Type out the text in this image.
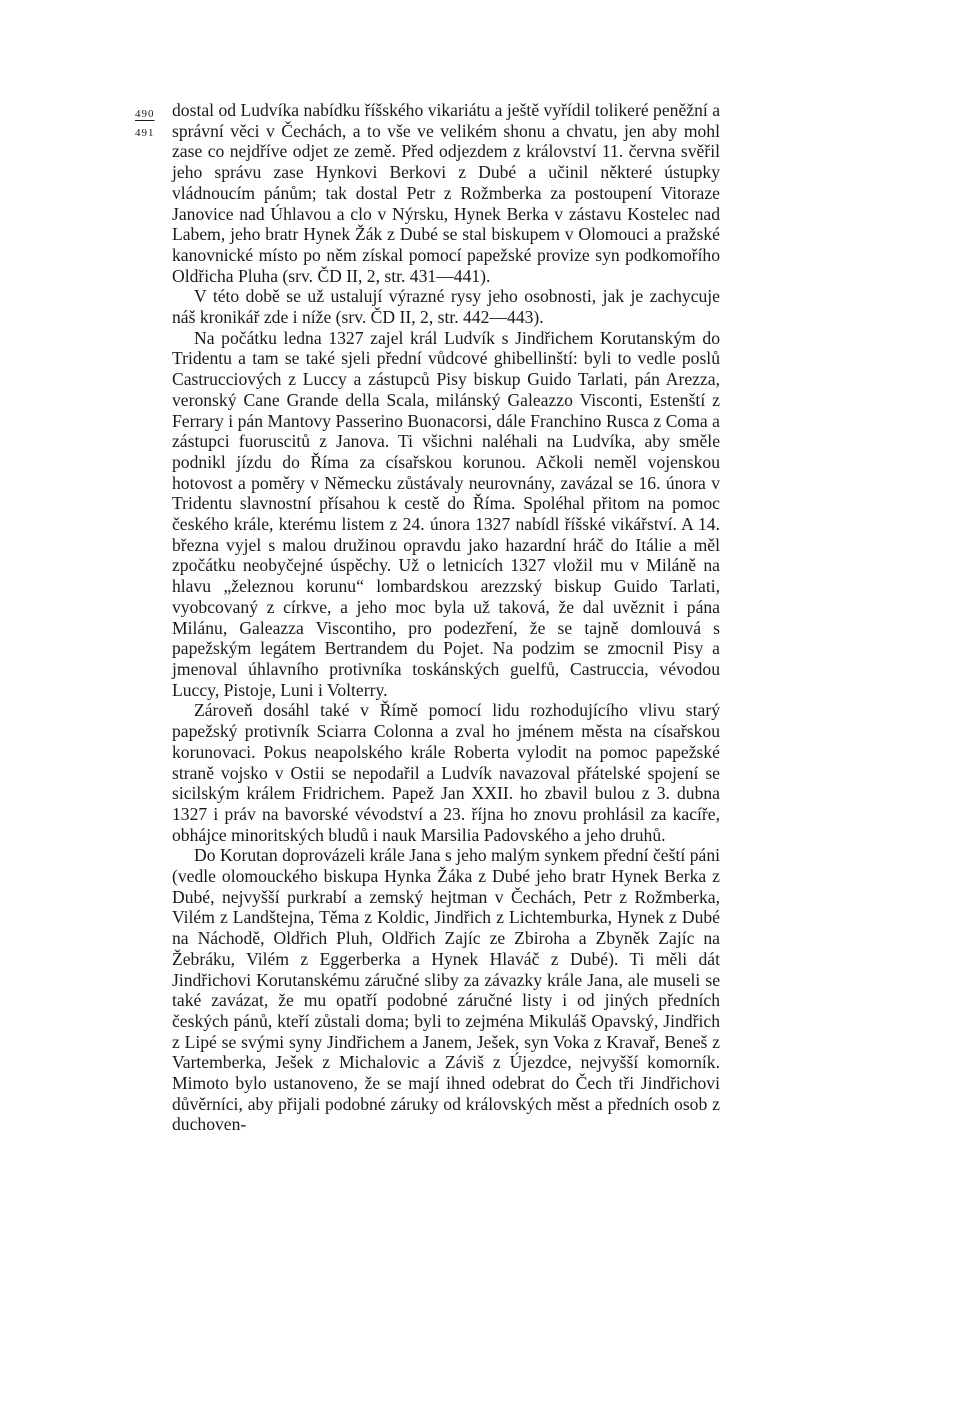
490
491

dostal od Ludvíka nabídku říšského vikariátu a ještě vyřídil tolikeré peněžní a správní věci v Čechách, a to vše ve velikém shonu a chvatu, jen aby mohl zase co nejdříve odjet ze země. Před odjezdem z království 11. června svěřil jeho správu zase Hynkovi Berkovi z Dubé a učinil některé ústupky vládnoucím pánům; tak dostal Petr z Rožmberka za postoupení Vitoraze Janovice nad Úhlavou a clo v Nýrsku, Hynek Berka v zástavu Kostelec nad Labem, jeho bratr Hynek Žák z Dubé se stal biskupem v Olomouci a pražské kanovnické místo po něm získal pomocí papežské provize syn podkomořího Oldřicha Pluha (srv. ČD II, 2, str. 431—441).

V této době se už ustalují výrazné rysy jeho osobnosti, jak je zachycuje náš kronikář zde i níže (srv. ČD II, 2, str. 442—443).

Na počátku ledna 1327 zajel král Ludvík s Jindřichem Korutanským do Tridentu a tam se také sjeli přední vůdcové ghibellinští: byli to vedle poslů Castrucciových z Luccy a zástupců Pisy biskup Guido Tarlati, pán Arezza, veronský Cane Grande della Scala, milánský Galeazzo Visconti, Estenští z Ferrary i pán Mantovy Passerino Buonacorsi, dále Franchino Rusca z Coma a zástupci fuoruscitů z Janova. Ti všichni naléhali na Ludvíka, aby směle podnikl jízdu do Říma za císařskou korunou. Ačkoli neměl vojenskou hotovost a poměry v Německu zůstávaly neurovnány, zavázal se 16. února v Tridentu slavnostní přísahou k cestě do Říma. Spoléhal přitom na pomoc českého krále, kterému listem z 24. února 1327 nabídl říšské vikářství. A 14. března vyjel s malou družinou opravdu jako hazardní hráč do Itálie a měl zpočátku neobyčejné úspěchy. Už o letnicích 1327 vložil mu v Miláně na hlavu „železnou korunu“ lombardskou arezzský biskup Guido Tarlati, vyobcovaný z církve, a jeho moc byla už taková, že dal uvěznit i pána Milánu, Galeazza Viscontiho, pro podezření, že se tajně domlouvá s papežským legátem Bertrandem du Pojet. Na podzim se zmocnil Pisy a jmenoval úhlavního protivníka toskánských guelfů, Castruccia, vévodou Luccy, Pistoje, Luni i Volterry.

Zároveň dosáhl také v Římě pomocí lidu rozhodujícího vlivu starý papežský protivník Sciarra Colonna a zval ho jménem města na císařskou korunovaci. Pokus neapolského krále Roberta vylodit na pomoc papežské straně vojsko v Ostii se nepodařil a Ludvík navazoval přátelské spojení se sicilským králem Fridrichem. Papež Jan XXII. ho zbavil bulou z 3. dubna 1327 i práv na bavorské vévodství a 23. října ho znovu prohlásil za kacíře, obhájce minoritských bludů i nauk Marsilia Padovského a jeho druhů.

Do Korutan doprovázeli krále Jana s jeho malým synkem přední čeští páni (vedle olomouckého biskupa Hynka Žáka z Dubé jeho bratr Hynek Berka z Dubé, nejvyšší purkrabí a zemský hejtman v Čechách, Petr z Rožmberka, Vilém z Landštejna, Těma z Koldic, Jindřich z Lichtemburka, Hynek z Dubé na Náchodě, Oldřich Pluh, Oldřich Zajíc ze Zbiroha a Zbyněk Zajíc na Žebráku, Vilém z Eggerberka a Hynek Hlaváč z Dubé). Ti měli dát Jindřichovi Korutanskému záručné sliby za závazky krále Jana, ale museli se také zavázat, že mu opatří podobné záručné listy i od jiných předních českých pánů, kteří zůstali doma; byli to zejména Mikuláš Opavský, Jindřich z Lipé se svými syny Jindřichem a Janem, Ješek, syn Voka z Kravař, Beneš z Vartemberka, Ješek z Michalovic a Záviš z Újezdce, nejvyšší komorník. Mimoto bylo ustanoveno, že se mají ihned odebrat do Čech tři Jindřichovi důvěrníci, aby přijali podobné záruky od královských měst a předních osob z duchoven-
